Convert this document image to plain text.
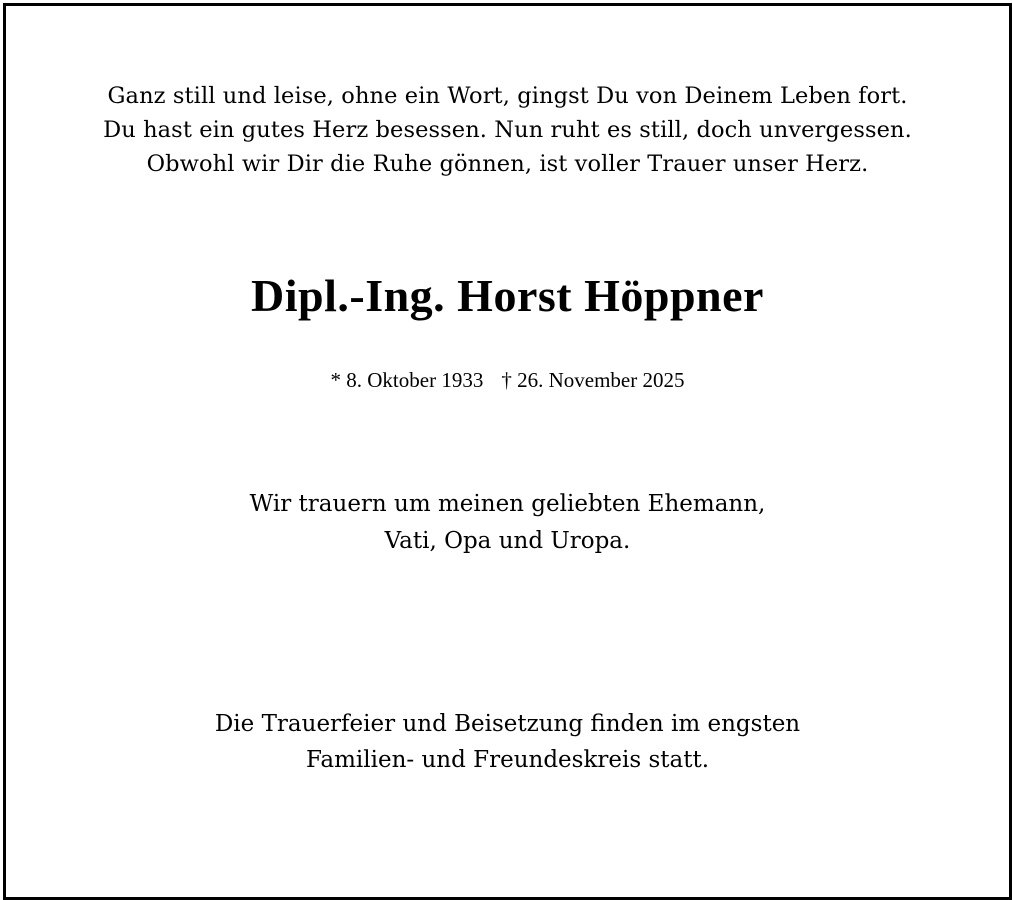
Ganz still und leise, ohne ein Wort, gingst Du von Deinem Leben fort.
Du hast ein gutes Herz besessen. Nun ruht es still, doch unvergessen.
Obwohl wir Dir die Ruhe gönnen, ist voller Trauer unser Herz.
Dipl.-Ing. Horst Höppner
* 8. Oktober 1933 † 26. November 2025
Wir trauern um meinen geliebten Ehemann,
Vati, Opa und Uropa.
Die Trauerfeier und Beisetzung finden im engsten
Familien- und Freundeskreis statt.
